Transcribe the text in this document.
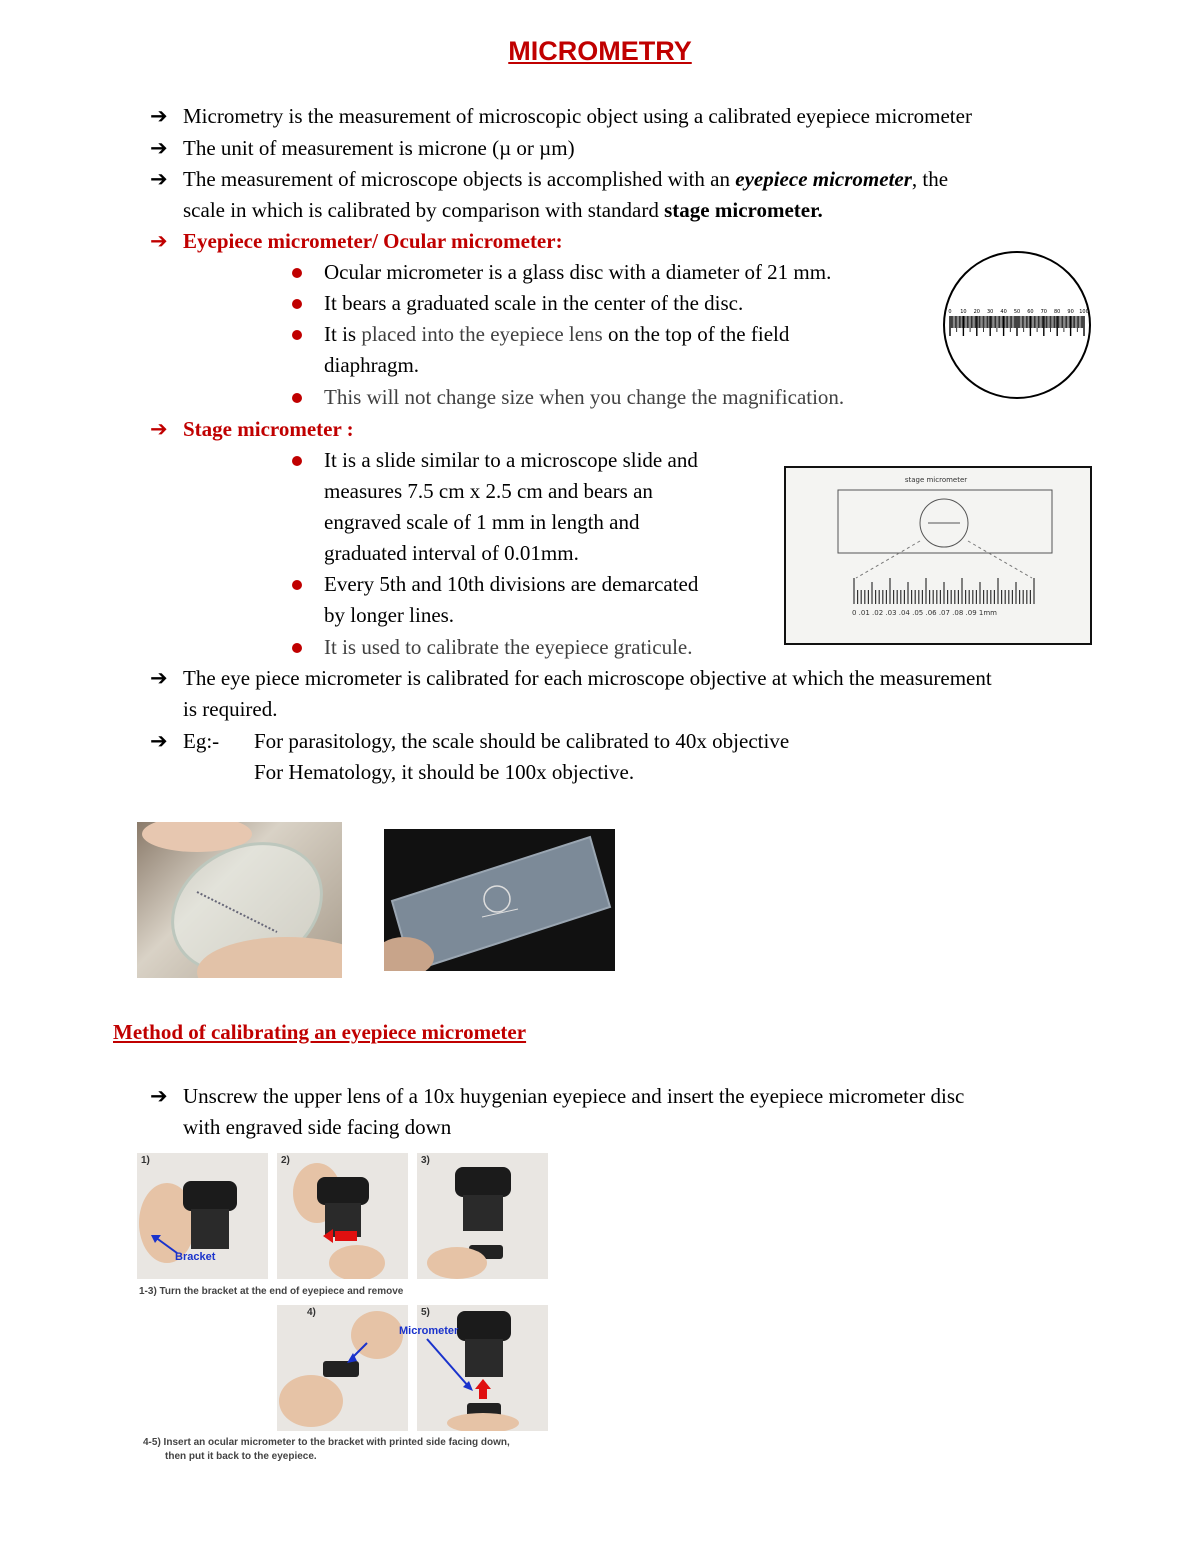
MICROMETRY
➔ Micrometry is the measurement of microscopic object using a calibrated eyepiece micrometer
➔ The unit of measurement is microne (µ or µm)
➔ The measurement of microscope objects is accomplished with an eyepiece micrometer, the
scale in which is calibrated by comparison with standard stage micrometer.
➔ Eyepiece micrometer/ Ocular micrometer:
Ocular micrometer is a glass disc with a diameter of 21 mm.
It bears a graduated scale in the center of the disc.
It is placed into the eyepiece lens on the top of the field
diaphragm.
This will not change size when you change the magnification.
0 10 20 30 40 50 60 70 80 90 100
➔ Stage micrometer :
It is a slide similar to a microscope slide and
measures 7.5 cm x 2.5 cm and bears an
engraved scale of 1 mm in length and
graduated interval of 0.01mm.
Every 5th and 10th divisions are demarcated
by longer lines.
It is used to calibrate the eyepiece graticule.
stage micrometer
0 .01 .02 .03 .04 .05 .06 .07 .08 .09 1mm
➔ The eye piece micrometer is calibrated for each microscope objective at which the measurement
is required.
➔ Eg:- For parasitology, the scale should be calibrated to 40x objective
For Hematology, it should be 100x objective.
Method of calibrating an eyepiece micrometer
➔ Unscrew the upper lens of a 10x huygenian eyepiece and insert the eyepiece micrometer disc
with engraved side facing down
1)
Bracket
2)	3)
1-3) Turn the bracket at the end of eyepiece and remove
4)	5)
Micrometer
4-5) Insert an ocular micrometer to the bracket with printed side facing down,
then put it back to the eyepiece.
